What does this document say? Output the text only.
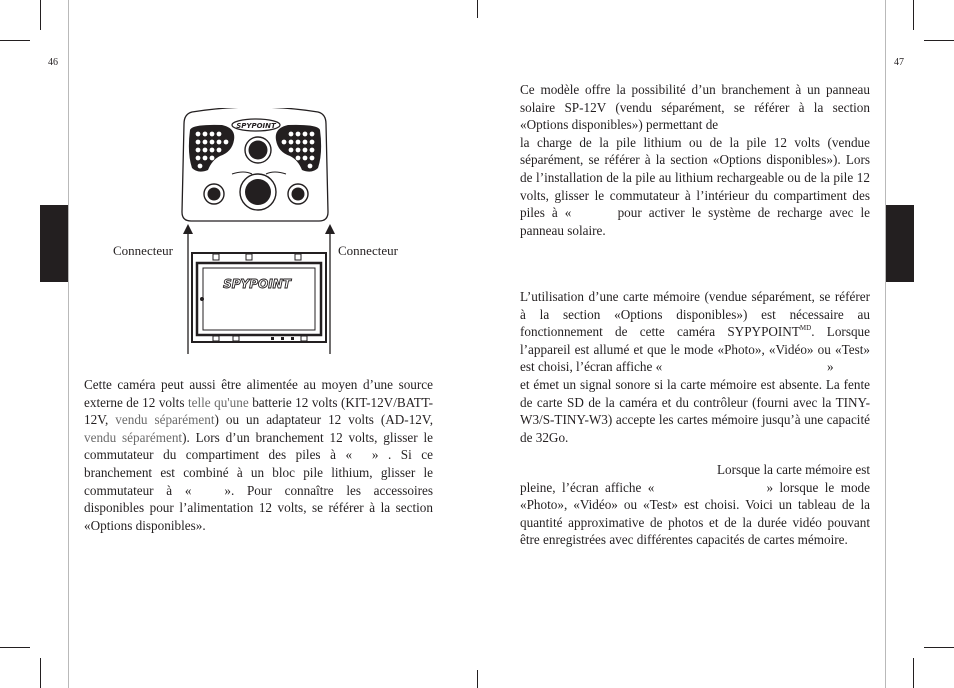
46	47
SPYPOINT
Connecteur	Connecteur
SPYPOINT

Cette caméra peut aussi être alimentée au moyen d’une source externe de 12 volts telle qu'une batterie 12 volts (KIT-12V/BATT-12V, vendu séparément) ou un adaptateur 12 volts (AD-12V, vendu séparément). Lors d’un branchement 12 volts, glisser le commutateur du compartiment des piles à «   » . Si ce branchement est combiné à un bloc pile lithium, glisser le commutateur à «    ». Pour connaître les accessoires disponibles pour l’alimentation 12 volts, se référer à la section «Options disponibles».

Ce modèle offre la possibilité d’un branchement à un panneau solaire SP-12V (vendu séparément, se référer à la section «Options disponibles») permettant de
la charge de la pile lithium ou de la pile 12 volts (vendue séparément, se référer à la section «Options disponibles»). Lors de l’installation de la pile au lithium rechargeable ou de la pile 12 volts, glisser le commutateur à l’intérieur du compartiment des piles à «    	pour activer le système de recharge avec le panneau solaire.

L’utilisation d’une carte mémoire (vendue séparément, se référer à la section «Options disponibles») est nécessaire au fonctionnement de cette caméra $SYPYPOINT^{MD}$. Lorsque l’appareil est allumé et que le mode «Photo», «Vidéo» ou «Test» est choisi, l’écran affiche «             	»
et émet un signal sonore si la carte mémoire est absente. La fente de carte SD de la caméra et du contrôleur (fourni avec la TINY-W3/S-TINY-W3) accepte les cartes mémoire jusqu’à une capacité de 32Go.

Lorsque la carte mémoire est
pleine, l’écran affiche «         	» lorsque le mode «Photo», «Vidéo» ou «Test» est choisi. Voici un tableau de la quantité approximative de photos et de la durée vidéo pouvant être enregistrées avec différentes capacités de cartes mémoire.
